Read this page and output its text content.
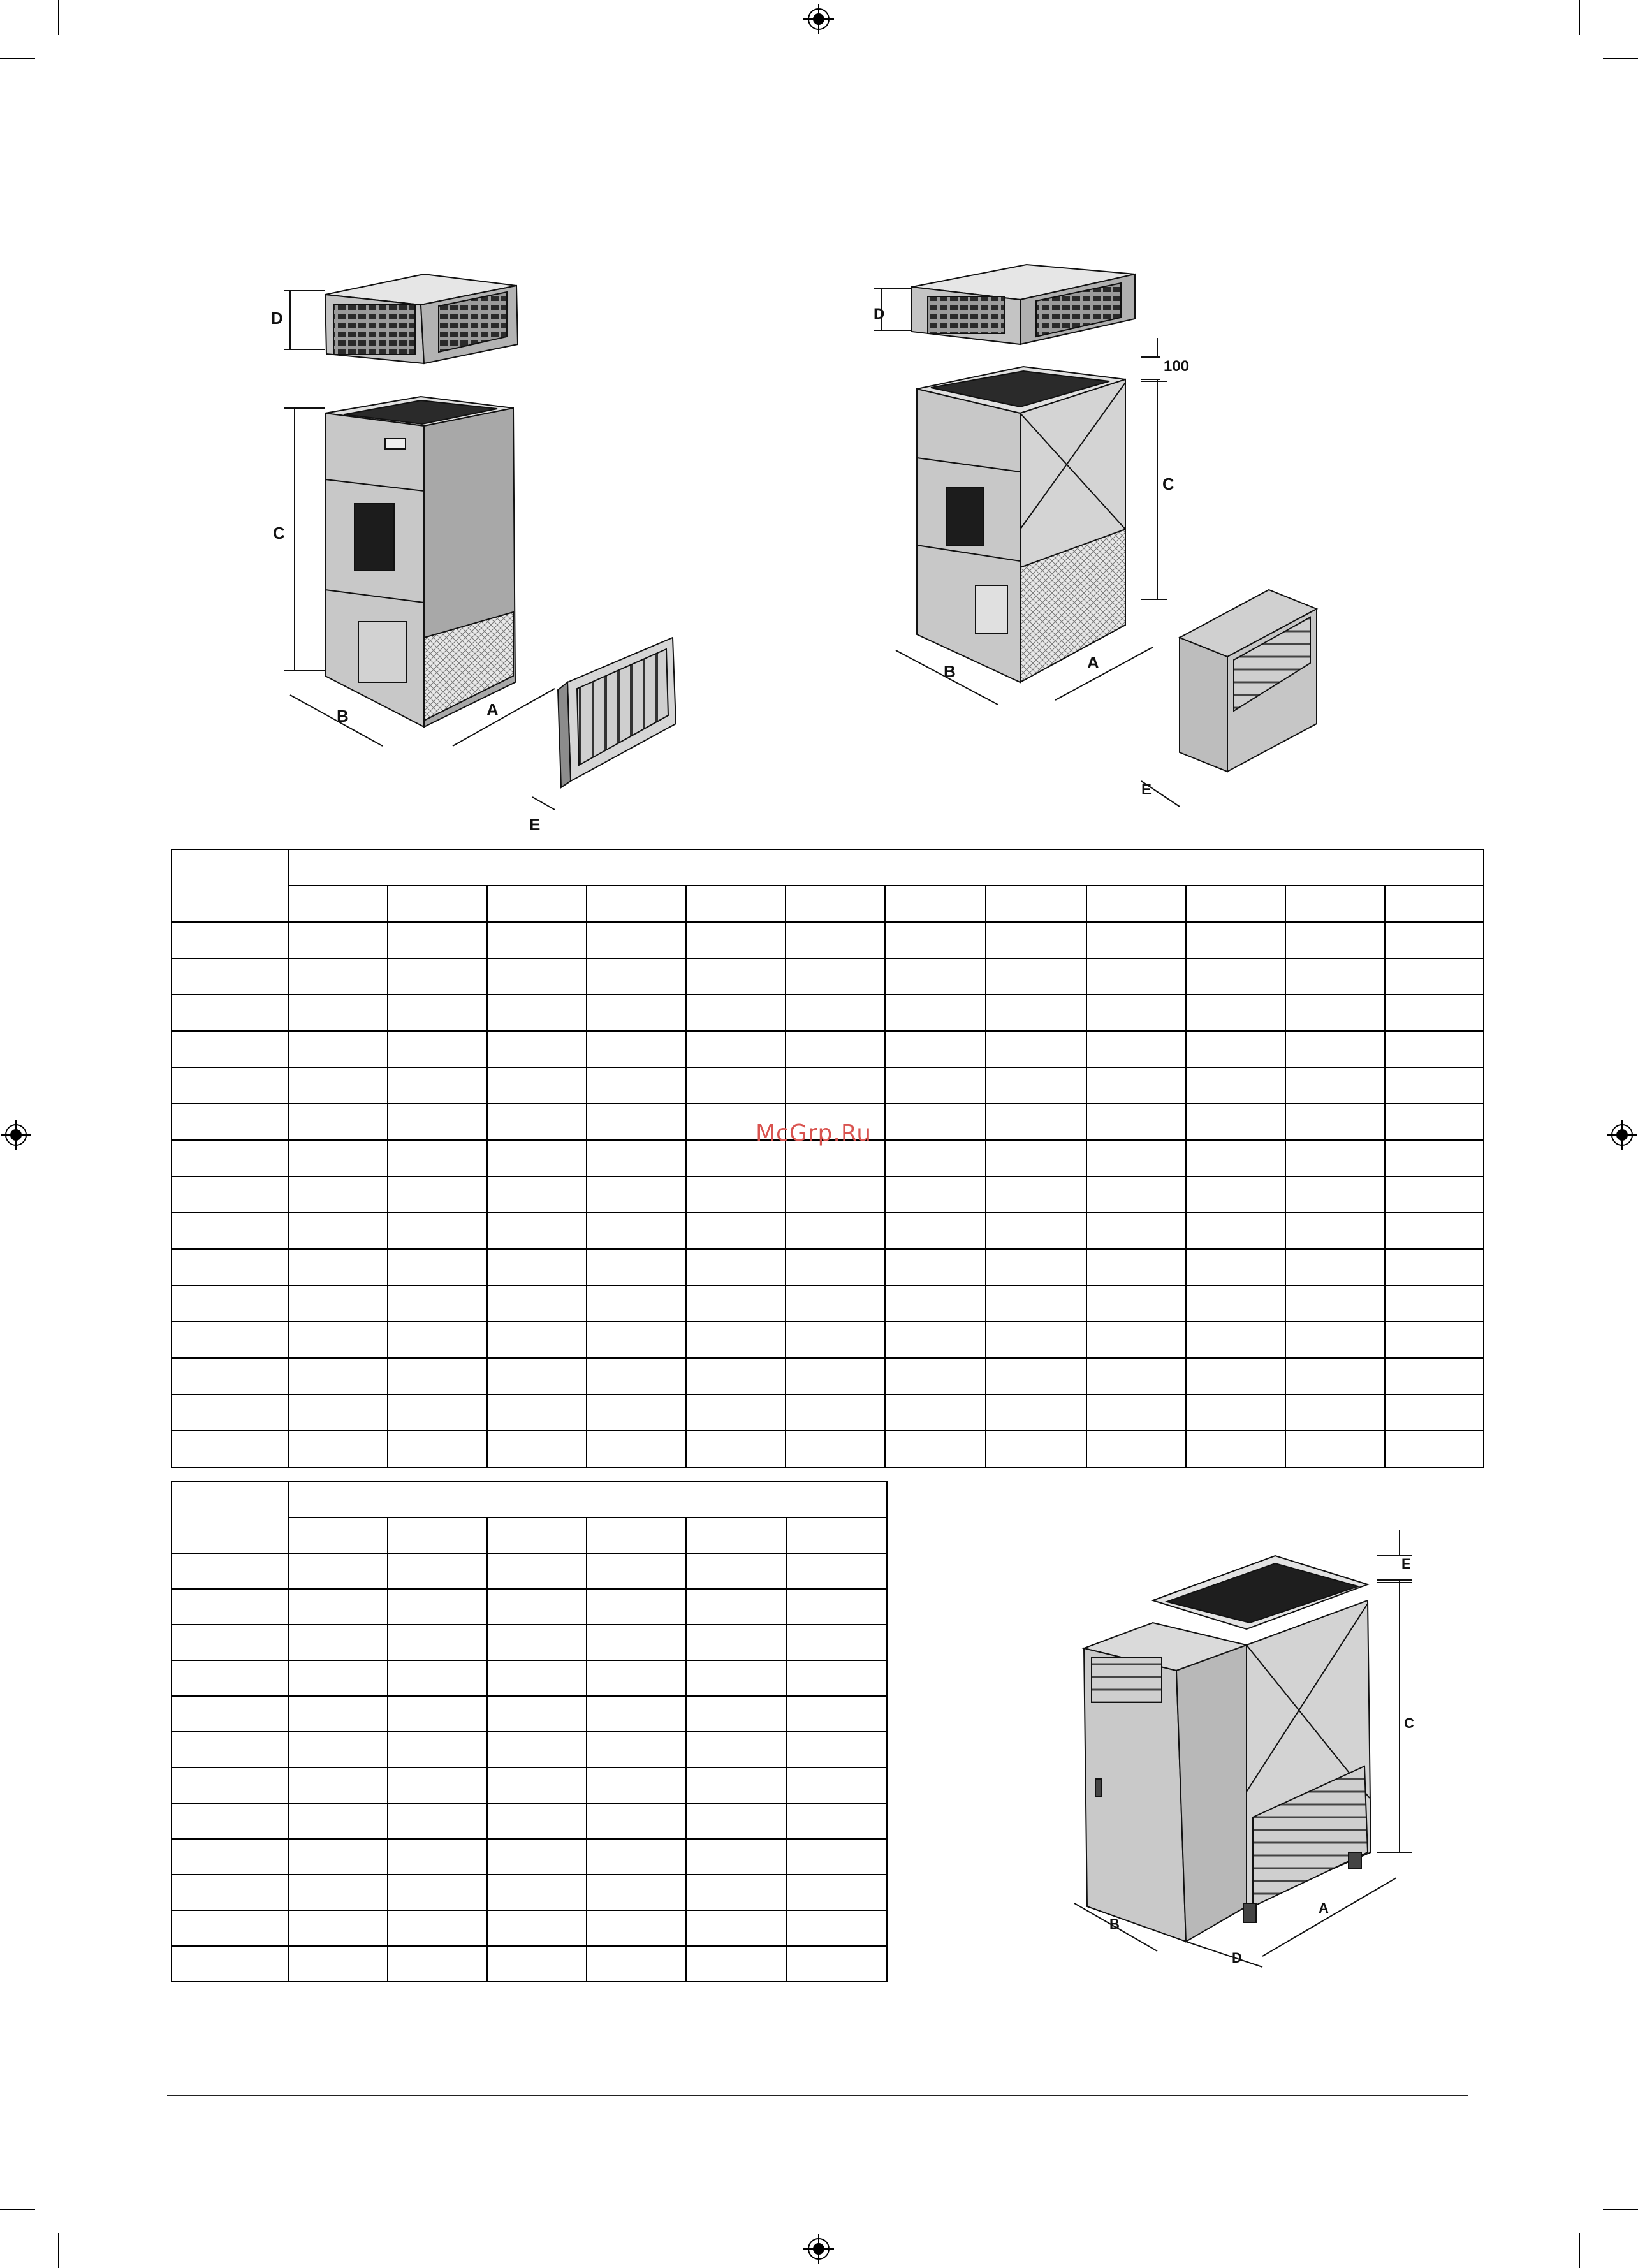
D
C
B	A
E
D
100
C
B	A
E
E
C
B
D
A

McGrp.Ru
